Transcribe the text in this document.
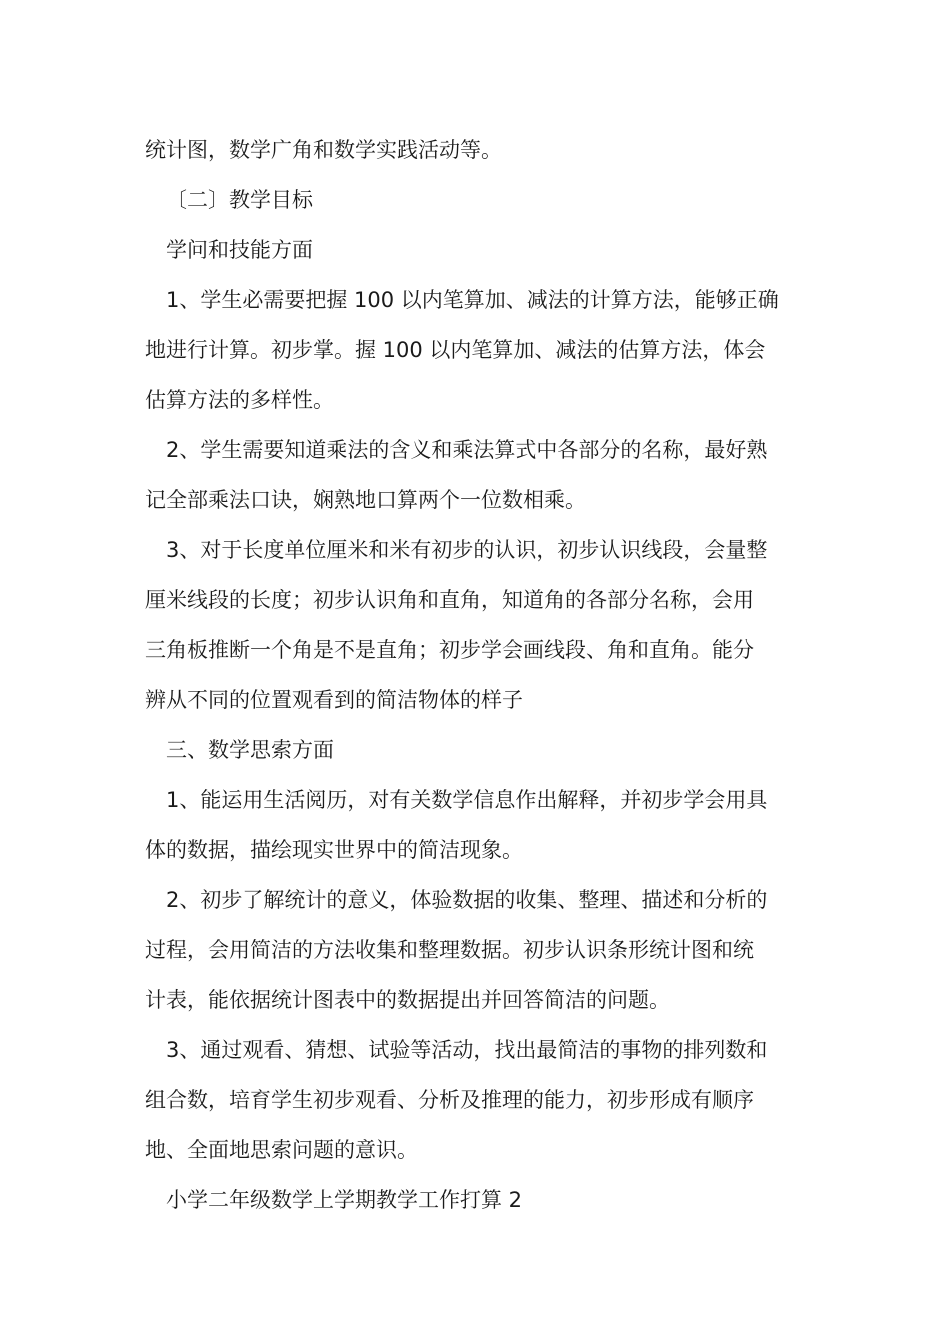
统计图，数学广角和数学实践活动等。

〔二〕教学目标

学问和技能方面

1、学生必需要把握 100 以内笔算加、减法的计算方法，能够正确

地进行计算。初步掌。握 100 以内笔算加、减法的估算方法，体会

估算方法的多样性。

2、学生需要知道乘法的含义和乘法算式中各部分的名称，最好熟

记全部乘法口诀，娴熟地口算两个一位数相乘。

3、对于长度单位厘米和米有初步的认识，初步认识线段，会量整

厘米线段的长度；初步认识角和直角，知道角的各部分名称，会用

三角板推断一个角是不是直角；初步学会画线段、角和直角。能分

辨从不同的位置观看到的简洁物体的样子

三、数学思索方面

1、能运用生活阅历，对有关数学信息作出解释，并初步学会用具

体的数据，描绘现实世界中的简洁现象。

2、初步了解统计的意义，体验数据的收集、整理、描述和分析的

过程，会用简洁的方法收集和整理数据。初步认识条形统计图和统

计表，能依据统计图表中的数据提出并回答简洁的问题。

3、通过观看、猜想、试验等活动，找出最简洁的事物的排列数和

组合数，培育学生初步观看、分析及推理的能力，初步形成有顺序

地、全面地思索问题的意识。

小学二年级数学上学期教学工作打算 2
